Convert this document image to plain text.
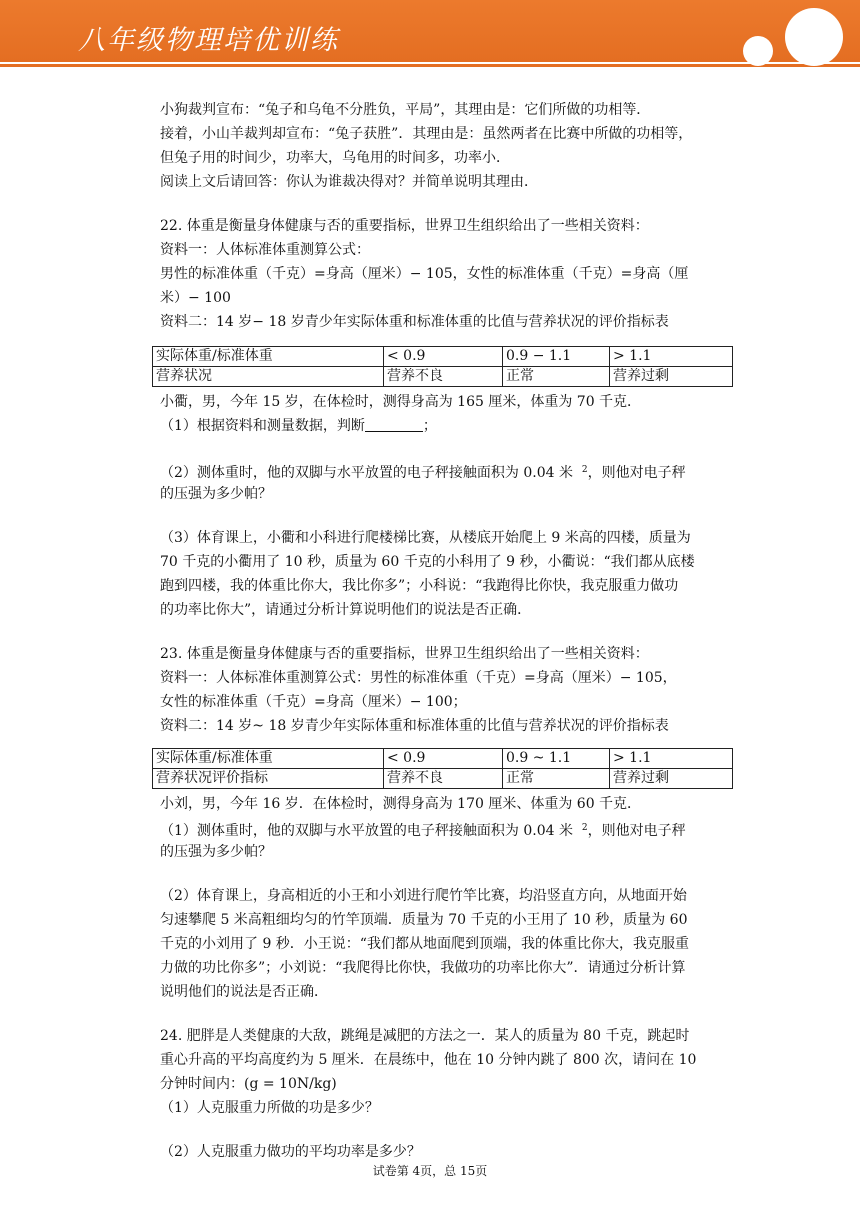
八年级物理培优训练
小狗裁判宣布：“兔子和乌龟不分胜负，平局”，其理由是：它们所做的功相等．
接着，小山羊裁判却宣布：“兔子获胜”．其理由是：虽然两者在比赛中所做的功相等，
但兔子用的时间少，功率大，乌龟用的时间多，功率小．
阅读上文后请回答：你认为谁裁决得对？并简单说明其理由．
22. 体重是衡量身体健康与否的重要指标，世界卫生组织给出了一些相关资料：
资料一：人体标准体重测算公式：
男性的标准体重（千克）=身高（厘米）− 105，女性的标准体重（千克）=身高（厘
米）− 100
资料二：14 岁− 18 岁青少年实际体重和标准体重的比值与营养状况的评价指标表
小衢，男，今年 15 岁，在体检时，测得身高为 165 厘米，体重为 70 千克．
（1）根据资料和测量数据，判断	；
（2）测体重时，他的双脚与水平放置的电子秤接触面积为 0.04 米 $^2$，则他对电子秤
的压强为多少帕？
（3）体育课上，小衢和小科进行爬楼梯比赛，从楼底开始爬上 9 米高的四楼，质量为
70 千克的小衢用了 10 秒，质量为 60 千克的小科用了 9 秒，小衢说：“我们都从底楼
跑到四楼，我的体重比你大，我比你多”；小科说：“我跑得比你快，我克服重力做功
的功率比你大”，请通过分析计算说明他们的说法是否正确．
23. 体重是衡量身体健康与否的重要指标，世界卫生组织给出了一些相关资料：
资料一：人体标准体重测算公式：男性的标准体重（千克）=身高（厘米）− 105，
女性的标准体重（千克）=身高（厘米）− 100；
资料二：14 岁~ 18 岁青少年实际体重和标准体重的比值与营养状况的评价指标表
小刘，男，今年 16 岁．在体检时，测得身高为 170 厘米、体重为 60 千克．
（1）测体重时，他的双脚与水平放置的电子秤接触面积为 0.04 米 $^2$，则他对电子秤
的压强为多少帕？
（2）体育课上，身高相近的小王和小刘进行爬竹竿比赛，均沿竖直方向，从地面开始
匀速攀爬 5 米高粗细均匀的竹竿顶端．质量为 70 千克的小王用了 10 秒，质量为 60
千克的小刘用了 9 秒．小王说：“我们都从地面爬到顶端，我的体重比你大，我克服重
力做的功比你多”；小刘说：“我爬得比你快，我做功的功率比你大”．请通过分析计算
说明他们的说法是否正确．
24. 肥胖是人类健康的大敌，跳绳是减肥的方法之一．某人的质量为 80 千克，跳起时
重心升高的平均高度约为 5 厘米．在晨练中，他在 10 分钟内跳了 800 次，请问在 10
分钟时间内：(g = 10N/kg)
（1）人克服重力所做的功是多少？
（2）人克服重力做功的平均功率是多少？
实际体重/标准体重	< 0.9	0.9 − 1.1	> 1.1
营养状况	营养不良	正常	营养过剩
实际体重/标准体重	< 0.9	0.9 ~ 1.1	> 1.1
营养状况评价指标	营养不良	正常	营养过剩
试卷第 4页，总 15页
